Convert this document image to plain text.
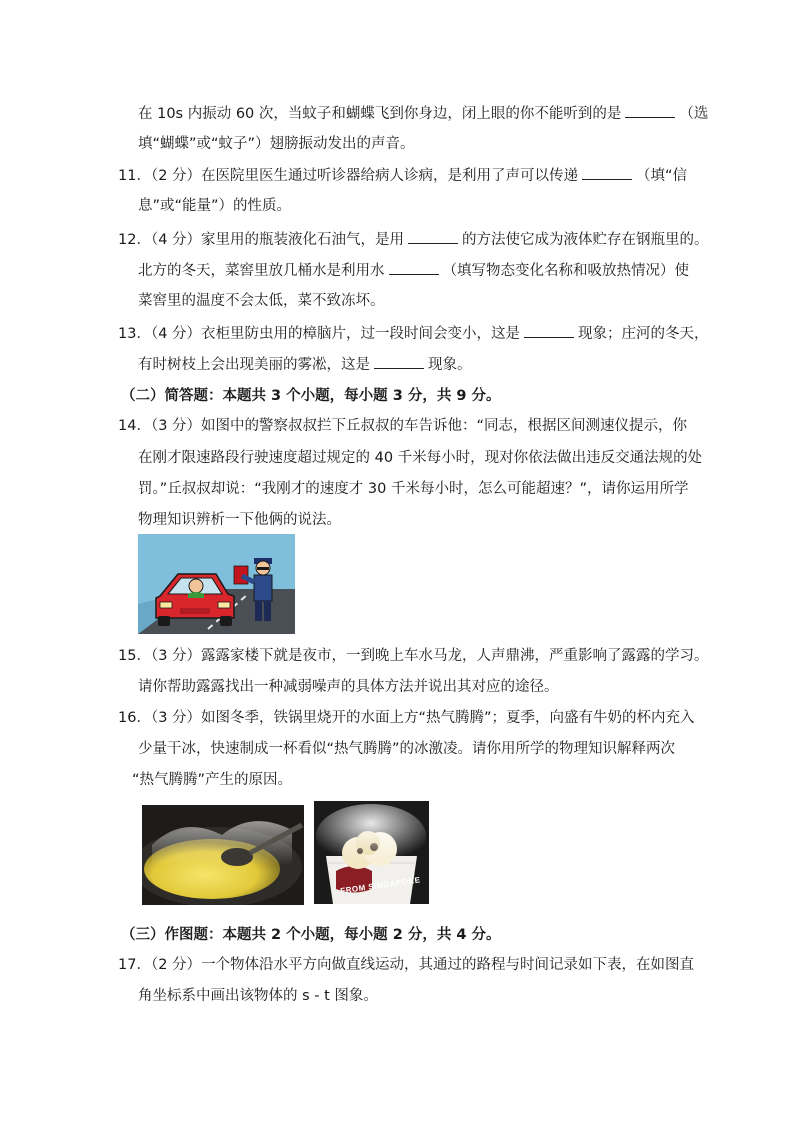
在 10s 内振动 60 次，当蚊子和蝴蝶飞到你身边，闭上眼的你不能听到的是	（选
填“蝴蝶”或“蚊子”）翅膀振动发出的声音。
11．（2 分）在医院里医生通过听诊器给病人诊病，是利用了声可以传递	（填“信
息”或“能量”）的性质。
12．（4 分）家里用的瓶装液化石油气，是用	的方法使它成为液体贮存在钢瓶里的。
北方的冬天，菜窖里放几桶水是利用水	（填写物态变化名称和吸放热情况）使
菜窖里的温度不会太低，菜不致冻坏。
13．（4 分）衣柜里防虫用的樟脑片，过一段时间会变小，这是	现象；庄河的冬天，
有时树枝上会出现美丽的雾凇，这是	现象。
（二）简答题：本题共 3 个小题，每小题 3 分，共 9 分。
14．（3 分）如图中的警察叔叔拦下丘叔叔的车告诉他：“同志，根据区间测速仪提示，你
在刚才限速路段行驶速度超过规定的 40 千米每小时，现对你依法做出违反交通法规的处
罚。”丘叔叔却说：“我刚才的速度才 30 千米每小时，怎么可能超速？”，请你运用所学
物理知识辨析一下他俩的说法。
15．（3 分）露露家楼下就是夜市，一到晚上车水马龙，人声鼎沸，严重影响了露露的学习。
请你帮助露露找出一种减弱噪声的具体方法并说出其对应的途径。
16．（3 分）如图冬季，铁锅里烧开的水面上方“热气腾腾”；夏季，向盛有牛奶的杯内充入
少量干冰，快速制成一杯看似“热气腾腾”的冰激凌。请你用所学的物理知识解释两次
“热气腾腾”产生的原因。
FROM SINGAPORE
（三）作图题：本题共 2 个小题，每小题 2 分，共 4 分。
17．（2 分）一个物体沿水平方向做直线运动，其通过的路程与时间记录如下表，在如图直
角坐标系中画出该物体的 s - t 图象。
